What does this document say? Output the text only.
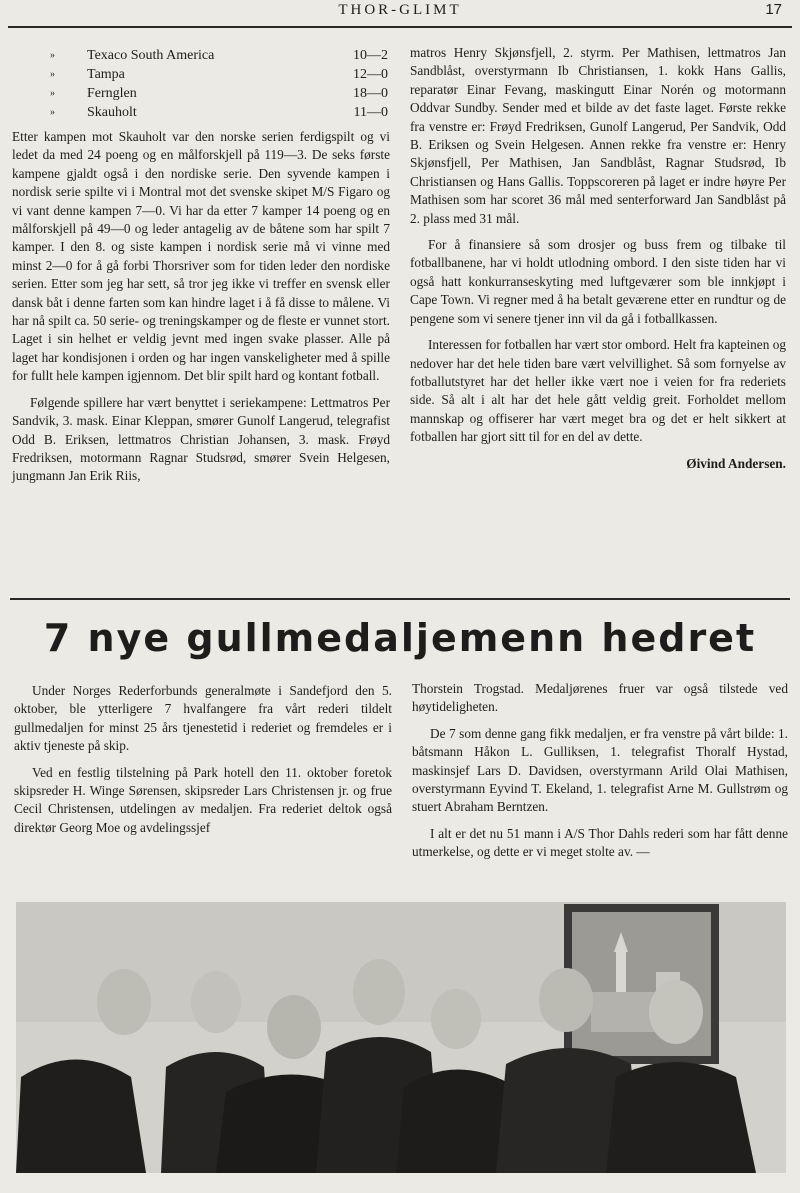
THOR-GLIMT	17
»	Texaco South America	10—2
»	Tampa	12—0
»	Fernglen	18—0
»	Skauholt	11—0

Etter kampen mot Skauholt var den norske serien ferdigspilt og vi ledet da med 24 poeng og en målforskjell på 119—3. De seks første kampene gjaldt også i den nordiske serie. Den syvende kampen i nordisk serie spilte vi i Montral mot det svenske skipet M/S Figaro og vi vant denne kampen 7—0. Vi har da etter 7 kamper 14 poeng og en målforskjell på 49—0 og leder antagelig av de båtene som har spilt 7 kamper. I den 8. og siste kampen i nordisk serie må vi vinne med minst 2—0 for å gå forbi Thorsriver som for tiden leder den nordiske serien. Etter som jeg har sett, så tror jeg ikke vi treffer en svensk eller dansk båt i denne farten som kan hindre laget i å få disse to målene. Vi har nå spilt ca. 50 serie- og treningskamper og de fleste er vunnet stort. Laget i sin helhet er veldig jevnt med ingen svake plasser. Alle på laget har kondisjonen i orden og har ingen vanskeligheter med å spille for fullt hele kampen igjennom. Det blir spilt hard og kontant fotball.

Følgende spillere har vært benyttet i seriekampene: Lettmatros Per Sandvik, 3. mask. Einar Kleppan, smører Gunolf Langerud, telegrafist Odd B. Eriksen, lettmatros Christian Johansen, 3. mask. Frøyd Fredriksen, motormann Ragnar Studsrød, smører Svein Helgesen, jungmann Jan Erik Riis,

matros Henry Skjønsfjell, 2. styrm. Per Mathisen, lettmatros Jan Sandblåst, overstyrmann Ib Christiansen, 1. kokk Hans Gallis, reparatør Einar Fevang, maskingutt Einar Norén og motormann Oddvar Sundby. Sender med et bilde av det faste laget. Første rekke fra venstre er: Frøyd Fredriksen, Gunolf Langerud, Per Sandvik, Odd B. Eriksen og Svein Helgesen. Annen rekke fra venstre er: Henry Skjønsfjell, Per Mathisen, Jan Sandblåst, Ragnar Studsrød, Ib Christiansen og Hans Gallis. Toppscoreren på laget er indre høyre Per Mathisen som har scoret 36 mål med senterforward Jan Sandblåst på 2. plass med 31 mål.

For å finansiere så som drosjer og buss frem og tilbake til fotballbanene, har vi holdt utlodning ombord. I den siste tiden har vi også hatt konkurranseskyting med luftgeværer som ble innkjøpt i Cape Town. Vi regner med å ha betalt geværene etter en rundtur og de pengene som vi senere tjener inn vil da gå i fotballkassen.

Interessen for fotballen har vært stor ombord. Helt fra kapteinen og nedover har det hele tiden bare vært velvillighet. Så som fornyelse av fotballutstyret har det heller ikke vært noe i veien for fra rederiets side. Så alt i alt har det hele gått veldig greit. Forholdet mellom mannskap og offiserer har vært meget bra og det er helt sikkert at fotballen har gjort sitt til for en del av dette.

Øivind Andersen.

7 nye gullmedaljemenn hedret

Under Norges Rederforbunds generalmøte i Sandefjord den 5. oktober, ble ytterligere 7 hvalfangere fra vårt rederi tildelt gullmedaljen for minst 25 års tjenestetid i rederiet og fremdeles er i aktiv tjeneste på skip.

Ved en festlig tilstelning på Park hotell den 11. oktober foretok skipsreder H. Winge Sørensen, skipsreder Lars Christensen jr. og frue Cecil Christensen, utdelingen av medaljen. Fra rederiet deltok også direktør Georg Moe og avdelingssjef

Thorstein Trogstad. Medaljørenes fruer var også tilstede ved høytideligheten.

De 7 som denne gang fikk medaljen, er fra venstre på vårt bilde: 1. båtsmann Håkon L. Gulliksen, 1. telegrafist Thoralf Hystad, maskinsjef Lars D. Davidsen, overstyrmann Arild Olai Mathisen, overstyrmann Eyvind T. Ekeland, 1. telegrafist Arne M. Gullstrøm og stuert Abraham Berntzen.

I alt er det nu 51 mann i A/S Thor Dahls rederi som har fått denne utmerkelse, og dette er vi meget stolte av. —
